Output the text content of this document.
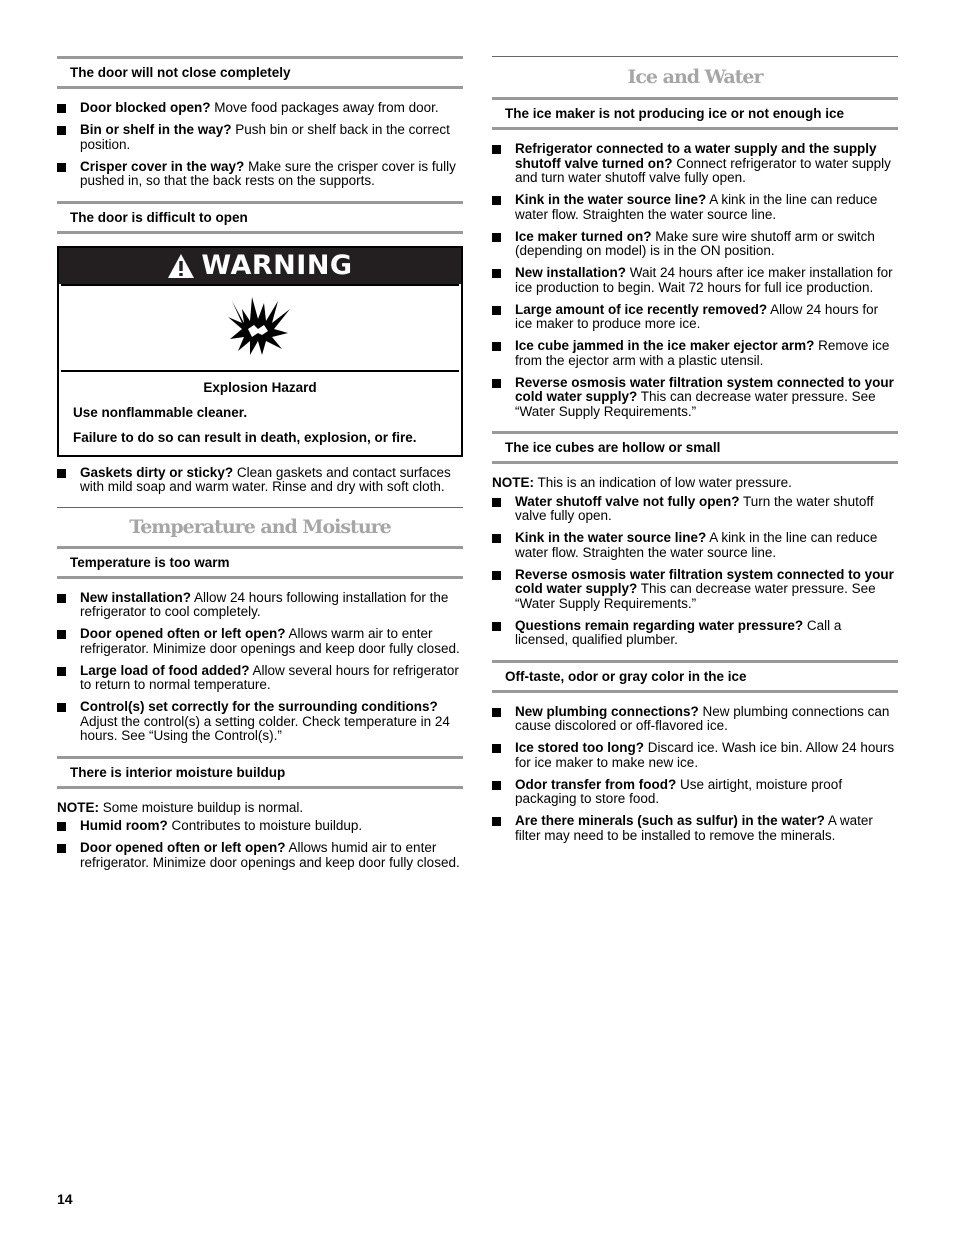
The door will not close completely
Door blocked open? Move food packages away from door.
Bin or shelf in the way? Push bin or shelf back in the correct position.
Crisper cover in the way? Make sure the crisper cover is fully pushed in, so that the back rests on the supports.
The door is difficult to open
WARNING
Explosion Hazard

Use nonflammable cleaner.

Failure to do so can result in death, explosion, or fire.

Gaskets dirty or sticky? Clean gaskets and contact surfaces with mild soap and warm water. Rinse and dry with soft cloth.
Temperature and Moisture
Temperature is too warm
New installation? Allow 24 hours following installation for the refrigerator to cool completely.
Door opened often or left open? Allows warm air to enter refrigerator. Minimize door openings and keep door fully closed.
Large load of food added? Allow several hours for refrigerator to return to normal temperature.
Control(s) set correctly for the surrounding conditions? Adjust the control(s) a setting colder. Check temperature in 24 hours. See “Using the Control(s).”
There is interior moisture buildup

NOTE: Some moisture buildup is normal.

Humid room? Contributes to moisture buildup.
Door opened often or left open? Allows humid air to enter refrigerator. Minimize door openings and keep door fully closed.
Ice and Water
The ice maker is not producing ice or not enough ice
Refrigerator connected to a water supply and the supply shutoff valve turned on? Connect refrigerator to water supply and turn water shutoff valve fully open.
Kink in the water source line? A kink in the line can reduce water flow. Straighten the water source line.
Ice maker turned on? Make sure wire shutoff arm or switch (depending on model) is in the ON position.
New installation? Wait 24 hours after ice maker installation for ice production to begin. Wait 72 hours for full ice production.
Large amount of ice recently removed? Allow 24 hours for ice maker to produce more ice.
Ice cube jammed in the ice maker ejector arm? Remove ice from the ejector arm with a plastic utensil.
Reverse osmosis water filtration system connected to your cold water supply? This can decrease water pressure. See “Water Supply Requirements.”
The ice cubes are hollow or small

NOTE: This is an indication of low water pressure.

Water shutoff valve not fully open? Turn the water shutoff valve fully open.
Kink in the water source line? A kink in the line can reduce water flow. Straighten the water source line.
Reverse osmosis water filtration system connected to your cold water supply? This can decrease water pressure. See “Water Supply Requirements.”
Questions remain regarding water pressure? Call a licensed, qualified plumber.
Off-taste, odor or gray color in the ice
New plumbing connections? New plumbing connections can cause discolored or off-flavored ice.
Ice stored too long? Discard ice. Wash ice bin. Allow 24 hours for ice maker to make new ice.
Odor transfer from food? Use airtight, moisture proof packaging to store food.
Are there minerals (such as sulfur) in the water? A water filter may need to be installed to remove the minerals.
14
